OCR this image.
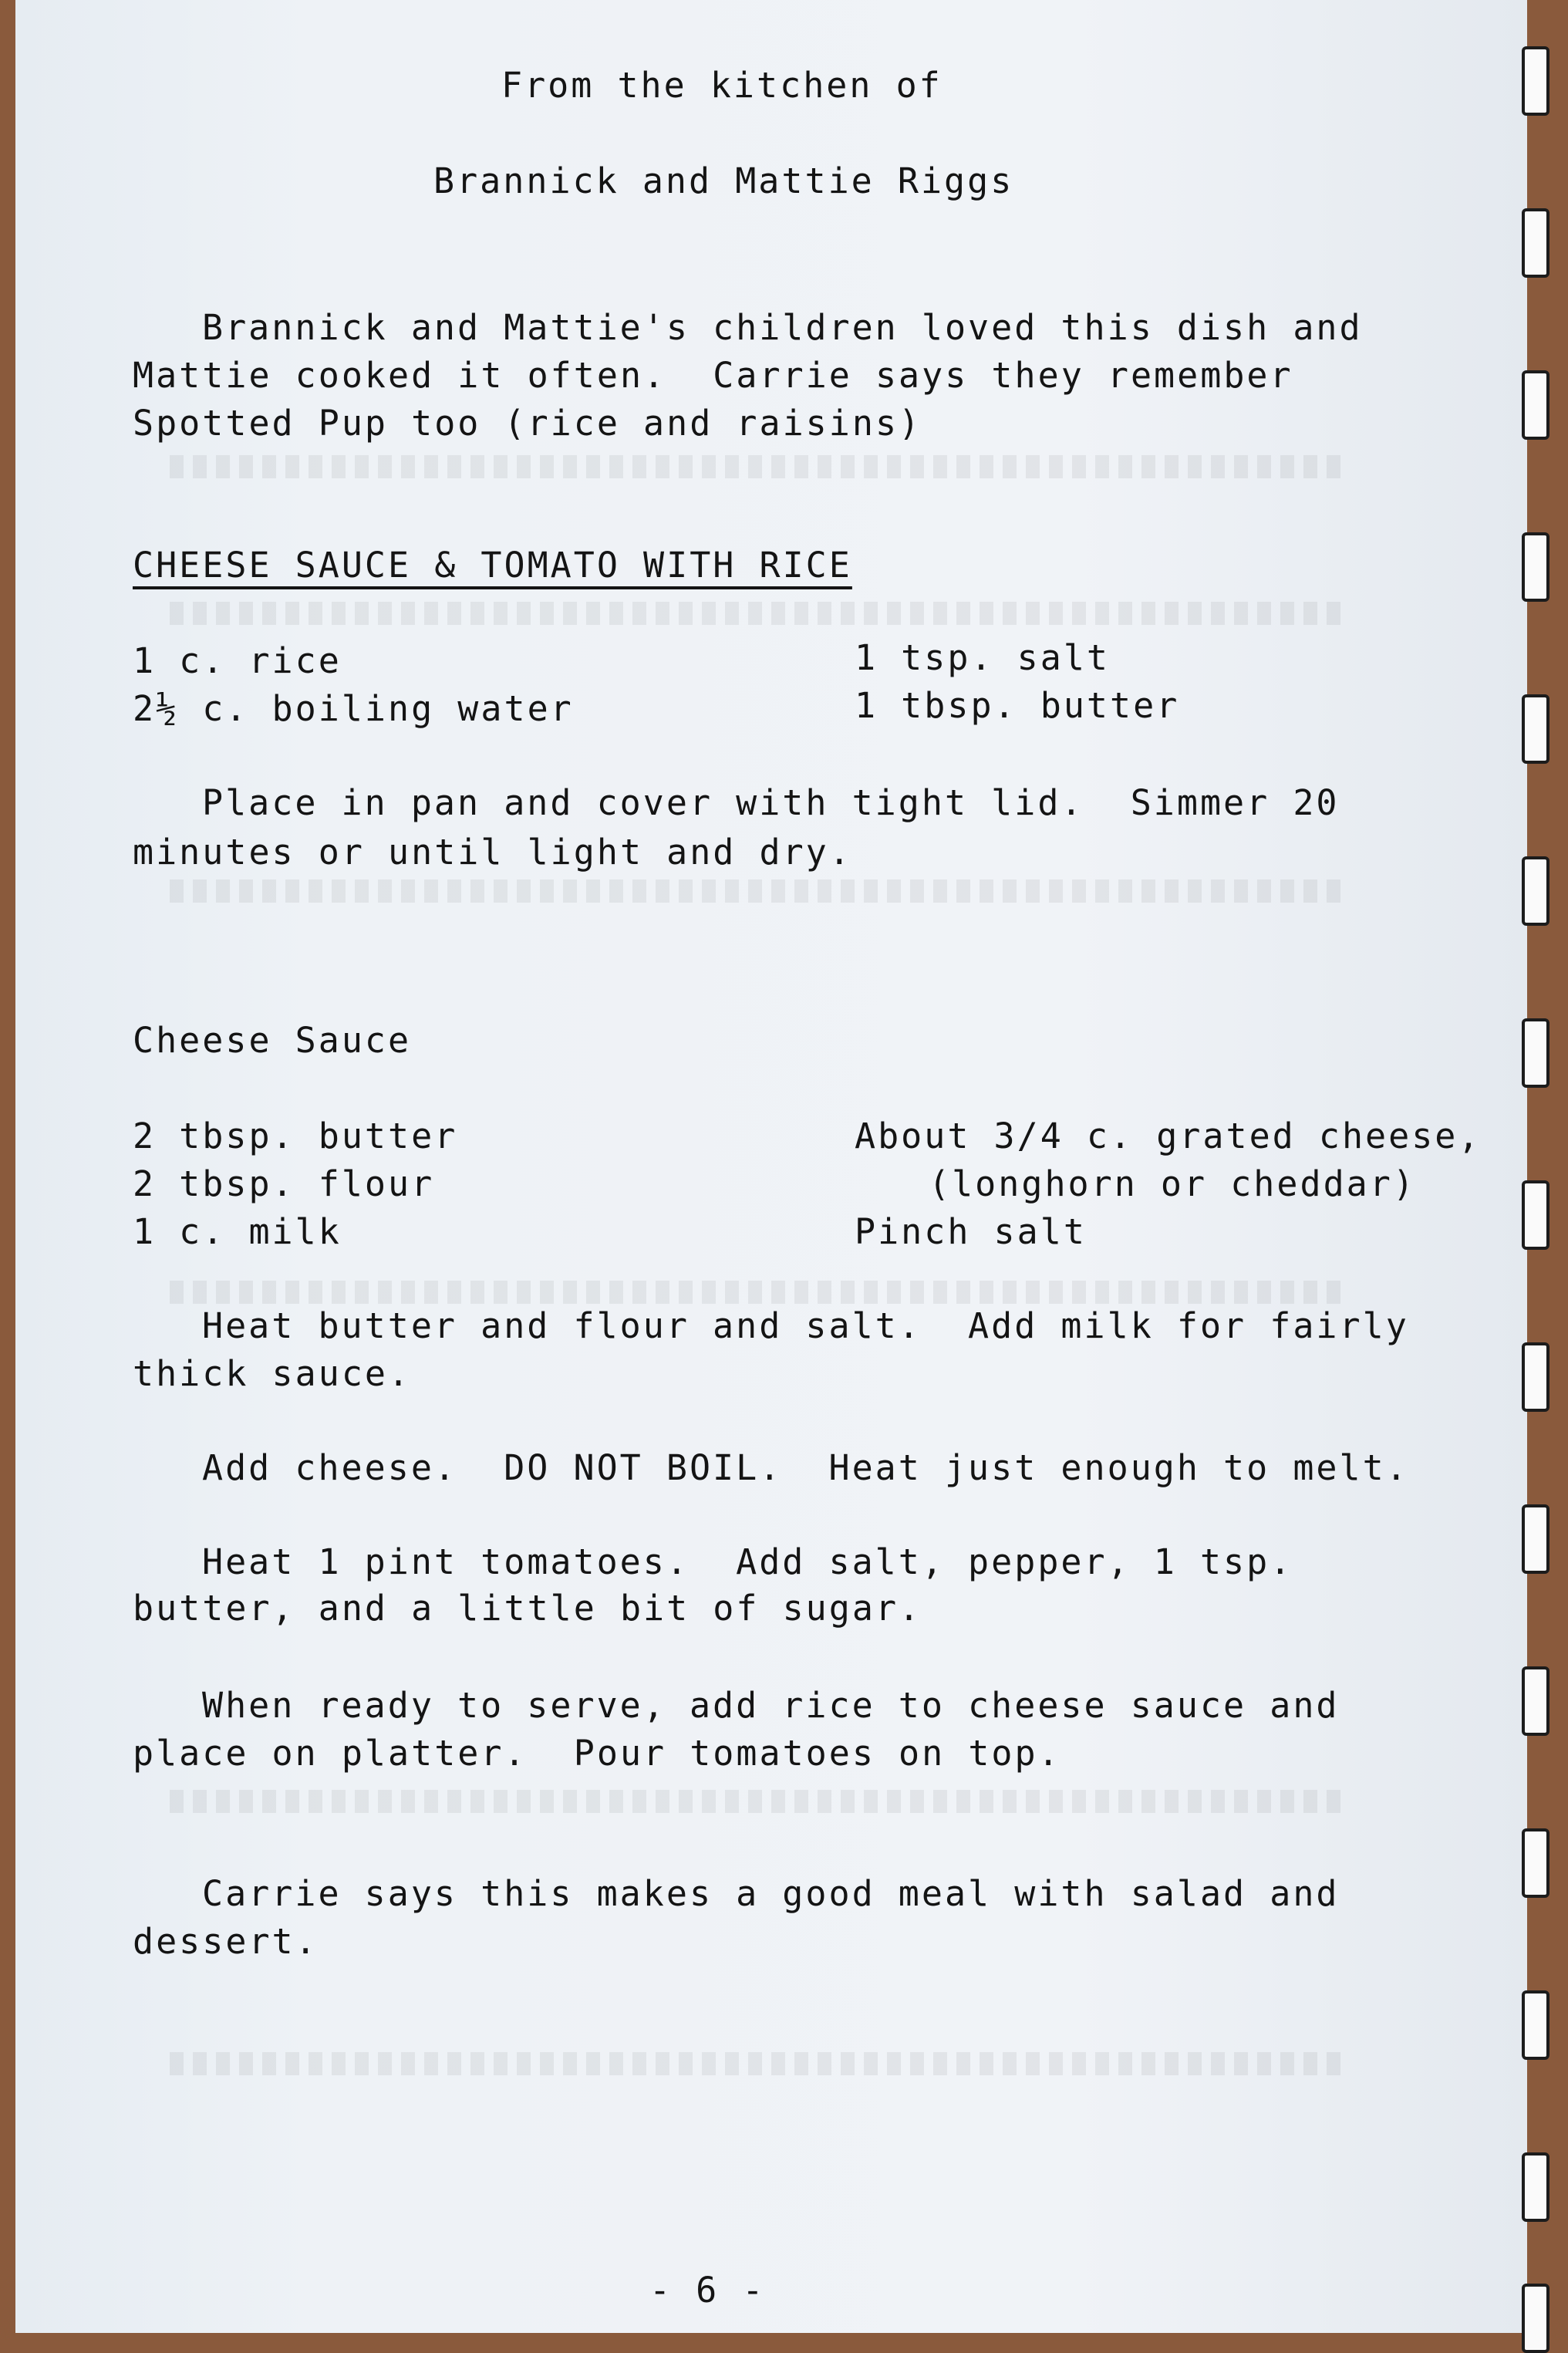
From the kitchen of
Brannick and Mattie Riggs
Brannick and Mattie's children loved this dish and
Mattie cooked it often.  Carrie says they remember
Spotted Pup too (rice and raisins)
CHEESE SAUCE & TOMATO WITH RICE
1 c. rice
2½ c. boiling water
1 tsp. salt
1 tbsp. butter
Place in pan and cover with tight lid.  Simmer 20
minutes or until light and dry.
Cheese Sauce
2 tbsp. butter
2 tbsp. flour
1 c. milk
About 3/4 c. grated cheese,
(longhorn or cheddar)
Pinch salt
Heat butter and flour and salt.  Add milk for fairly
thick sauce.
Add cheese.  DO NOT BOIL.  Heat just enough to melt.
Heat 1 pint tomatoes.  Add salt, pepper, 1 tsp.
butter, and a little bit of sugar.
When ready to serve, add rice to cheese sauce and
place on platter.  Pour tomatoes on top.
Carrie says this makes a good meal with salad and
dessert.
- 6 -
